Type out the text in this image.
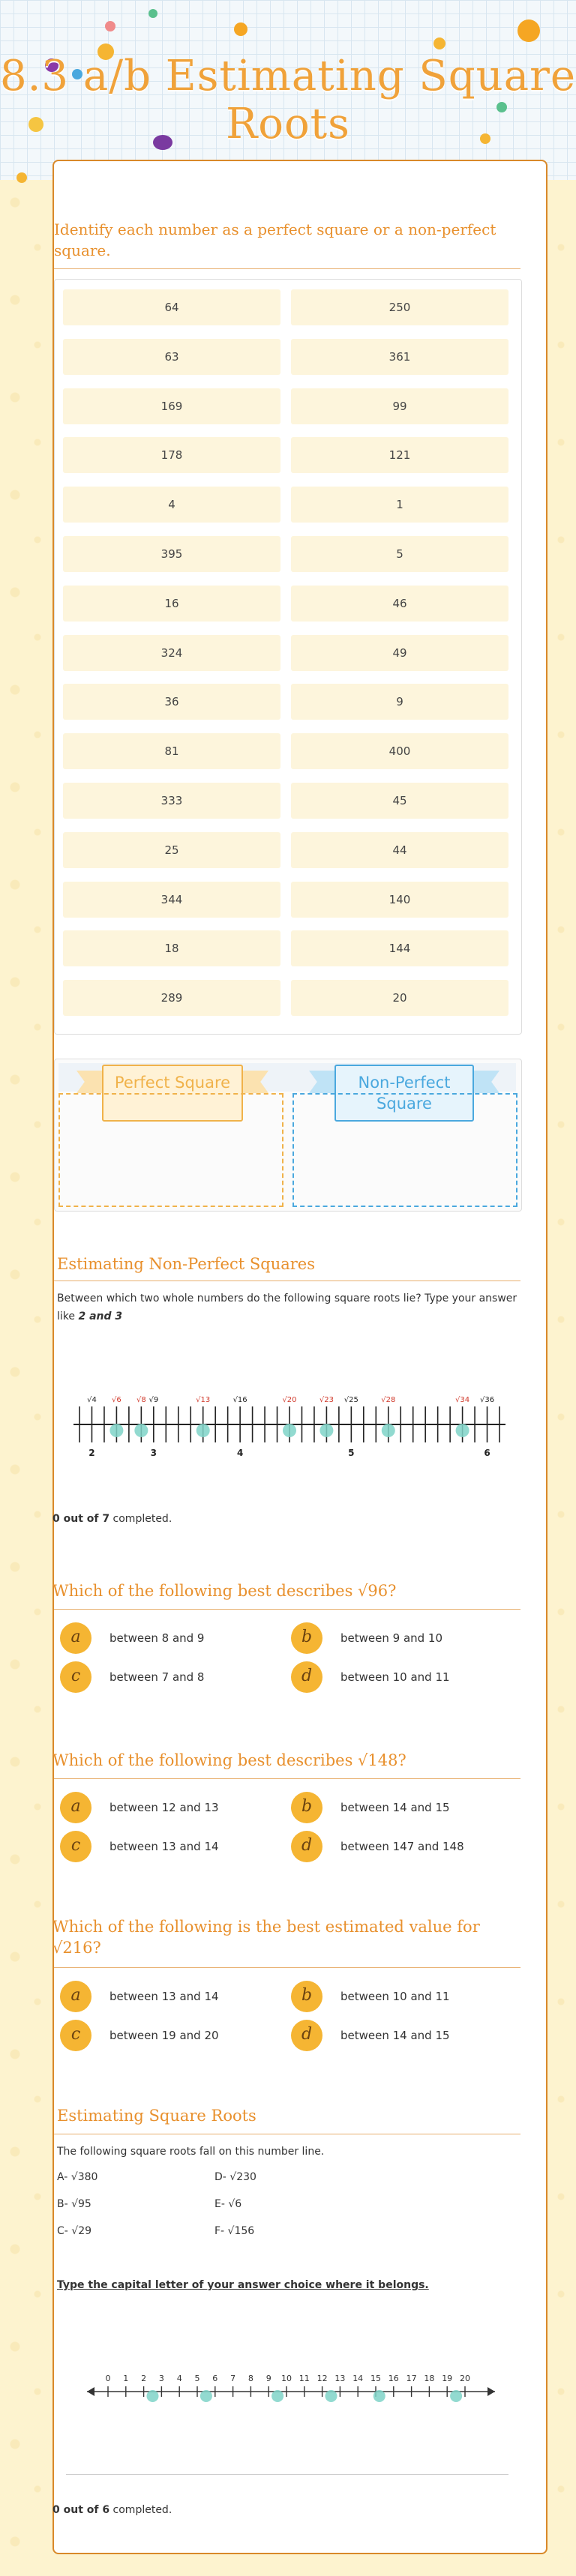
8.3 a/b Estimating Square Roots
Identify each number as a perfect square or a non-perfect square.
64	250
63	361
169	99
178	121
4	1
395	5
16	46
324	49
36	9
81	400
333	45
25	44
344	140
18	144
289	20
Perfect Square	Non-Perfect Square
Estimating Non-Perfect Squares
Between which two whole numbers do the following square roots lie? Type your answer like 2 and 3
√4 √6 √8 √9	√13	√16	√20	√23 √25	√28	√34 √36
2	3	4	5	6
0 out of 7 completed.
Which of the following best describes √96?
a	between 8 and 9	b	between 9 and 10
c	between 7 and 8	d	between 10 and 11
Which of the following best describes √148?
a	between 12 and 13	b	between 14 and 15
c	between 13 and 14	d	between 147 and 148
Which of the following is the best estimated value for √216?
a	between 13 and 14	b	between 10 and 11
c	between 19 and 20	d	between 14 and 15
Estimating Square Roots
The following square roots fall on this number line.
A- √380	D- √230
B- √95	E- √6
C- √29	F- √156
Type the capital letter of your answer choice where it belongs.
0 1 2 3 4 5 6 7 8 9 10 11 12 13 14 15 16 17 18 19 20
0 out of 6 completed.
